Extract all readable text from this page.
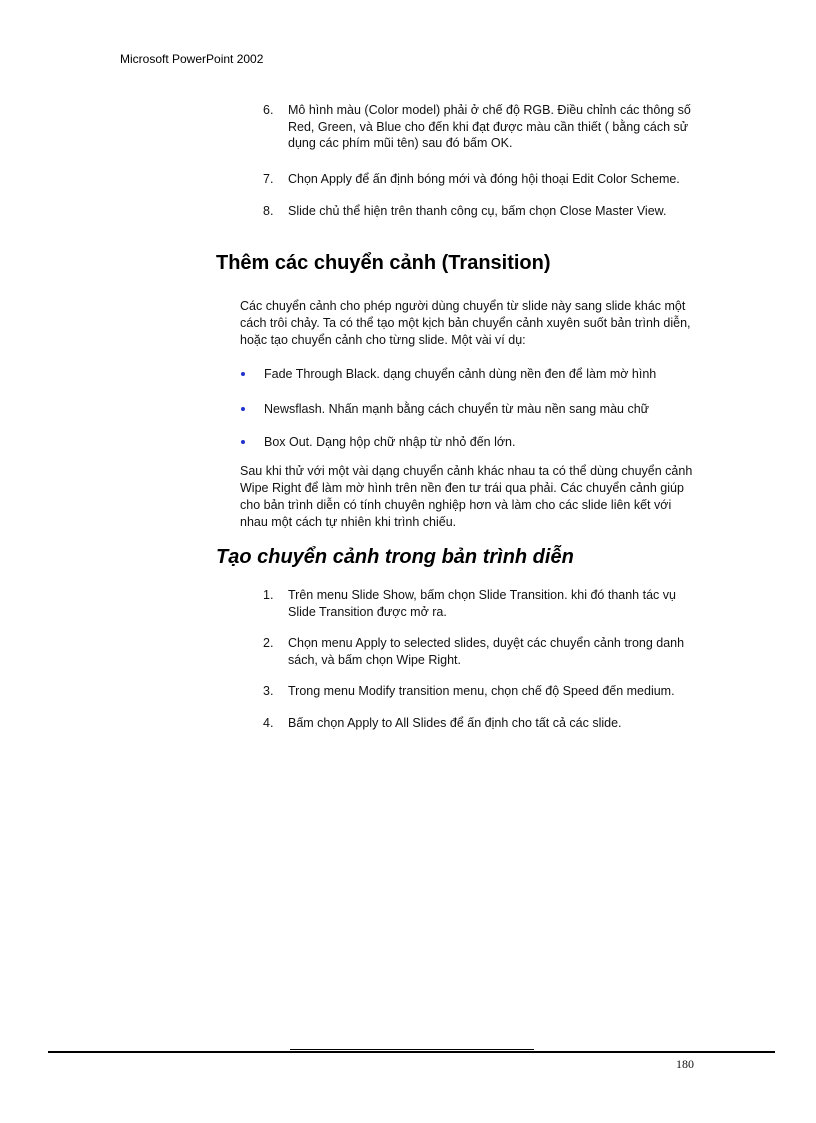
Microsoft PowerPoint 2002
6.	Mô hình màu (Color model) phải ở chế độ RGB. Điều chỉnh các thông số Red, Green, và Blue cho đến khi đạt được màu cần thiết ( bằng cách sử dụng các phím mũi tên) sau đó bấm OK.
7.	Chọn Apply để ấn định bóng mới và đóng hội thoại Edit Color Scheme.
8.	Slide chủ thể hiện trên thanh công cụ, bấm chọn Close Master View.
Thêm các chuyển cảnh (Transition)

Các chuyển cảnh cho phép người dùng chuyển từ slide này sang slide khác một cách trôi chảy. Ta có thể tạo một kịch bản chuyển cảnh xuyên suốt bản trình diễn, hoặc tạo chuyển cảnh cho từng slide. Một vài ví dụ:

Fade Through Black. dạng chuyển cảnh dùng nền đen để làm mờ hình
Newsflash. Nhấn mạnh bằng cách chuyển từ màu nền sang màu chữ
Box Out. Dạng hộp chữ nhập từ nhỏ đến lớn.

Sau khi thử với một vài dạng chuyển cảnh khác nhau ta có thể dùng chuyển cảnh Wipe Right để làm mờ hình trên nền đen tư trái qua phải. Các chuyển cảnh giúp cho bản trình diễn có tính chuyên nghiệp hơn và làm cho các slide liên kết với nhau một cách tự nhiên khi trình chiếu.

Tạo chuyển cảnh trong bản trình diễn
1.	Trên menu Slide Show, bấm chọn Slide Transition. khi đó thanh tác vụ Slide Transition được mở ra.
2.	Chọn menu Apply to selected slides, duyệt các chuyển cảnh trong danh sách, và bấm chọn Wipe Right.
3.	Trong menu Modify transition menu, chọn chế độ Speed đến medium.
4.	Bấm chọn Apply to All Slides để ấn định cho tất cả các slide.
180
